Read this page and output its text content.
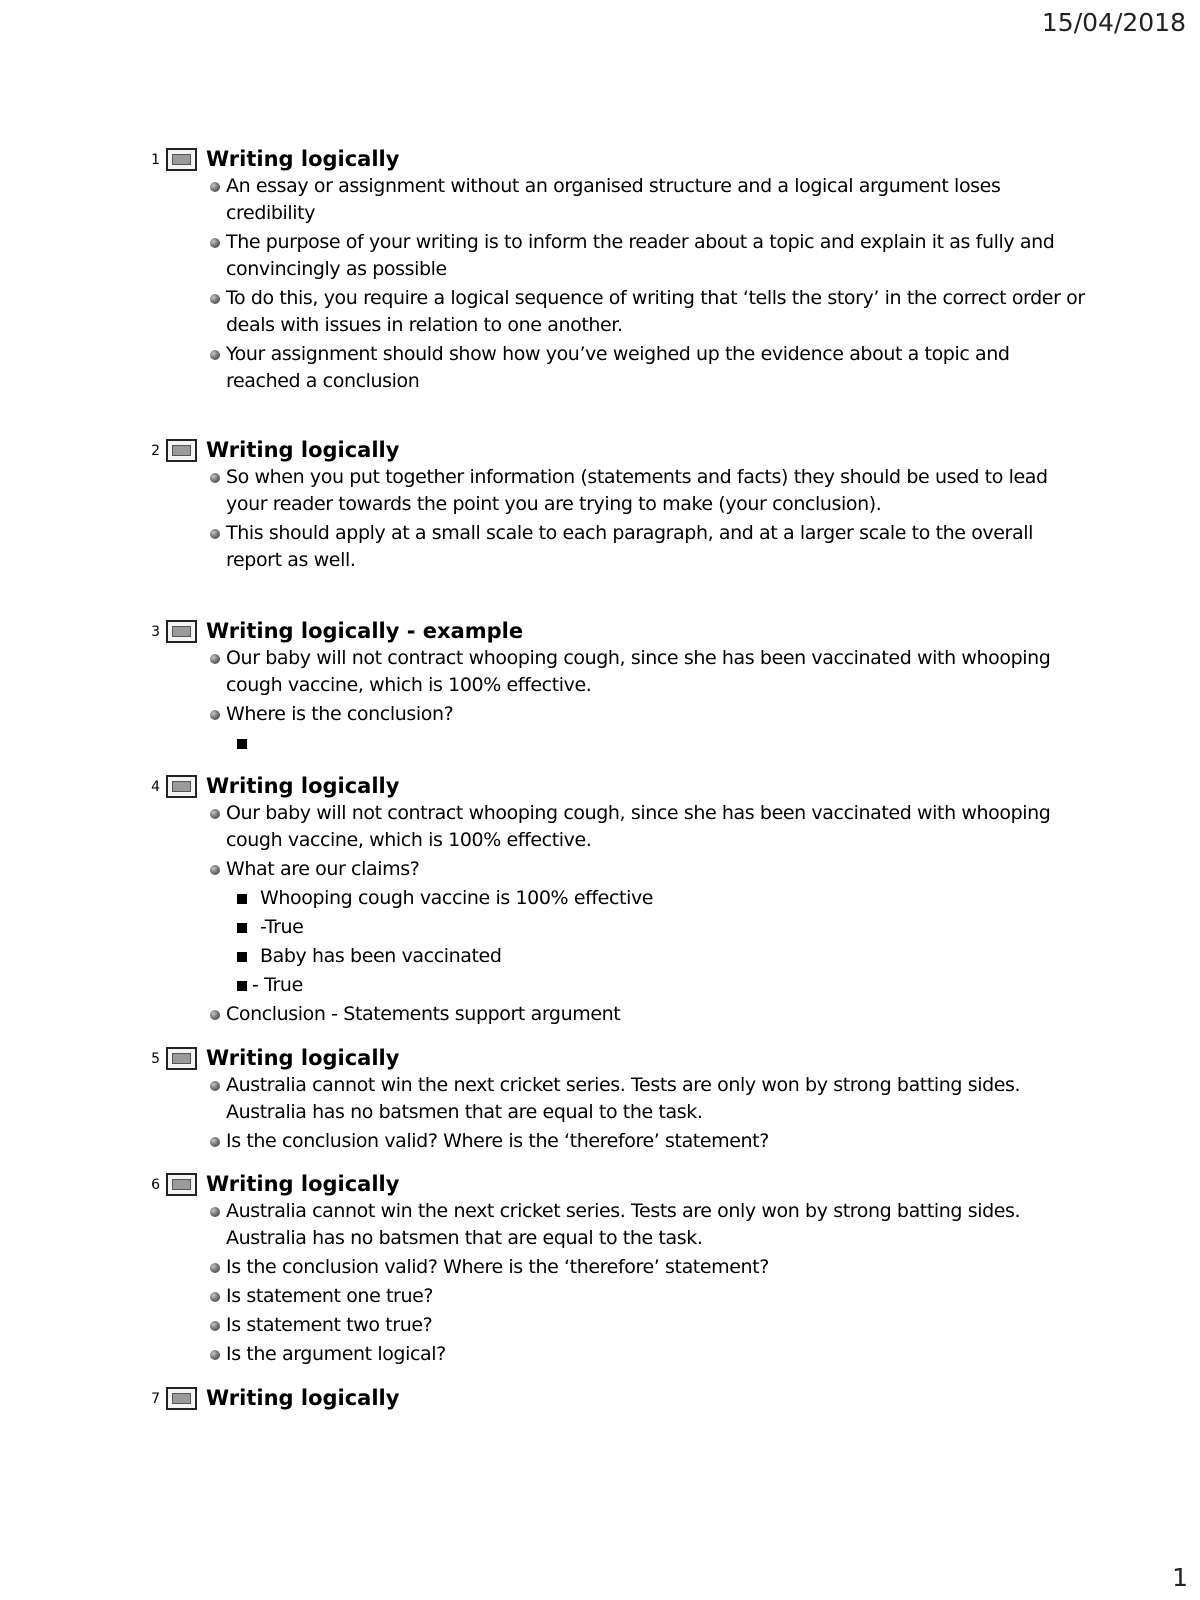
15/04/2018
1 Writing logically
An essay or assignment without an organised structure and a logical argument loses credibility
The purpose of your writing is to inform the reader about a topic and explain it as fully and convincingly as possible
To do this, you require a logical sequence of writing that ‘tells the story’ in the correct order or deals with issues in relation to one another.
Your assignment should show how you’ve weighed up the evidence about a topic and reached a conclusion
2 Writing logically
So when you put together information (statements and facts) they should be used to lead your reader towards the point you are trying to make (your conclusion).
This should apply at a small scale to each paragraph, and at a larger scale to the overall report as well.
3 Writing logically - example
Our baby will not contract whooping cough, since she has been vaccinated with whooping cough vaccine, which is 100% effective.
Where is the conclusion?
4 Writing logically
Our baby will not contract whooping cough, since she has been vaccinated with whooping cough vaccine, which is 100% effective.
What are our claims?
Whooping cough vaccine is 100% effective
-True
Baby has been vaccinated
- True
Conclusion - Statements support argument
5 Writing logically
Australia cannot win the next cricket series. Tests are only won by strong batting sides. Australia has no batsmen that are equal to the task.
Is the conclusion valid? Where is the ‘therefore’ statement?
6 Writing logically
Australia cannot win the next cricket series. Tests are only won by strong batting sides. Australia has no batsmen that are equal to the task.
Is the conclusion valid? Where is the ‘therefore’ statement?
Is statement one true?
Is statement two true?
Is the argument logical?
7 Writing logically
1
